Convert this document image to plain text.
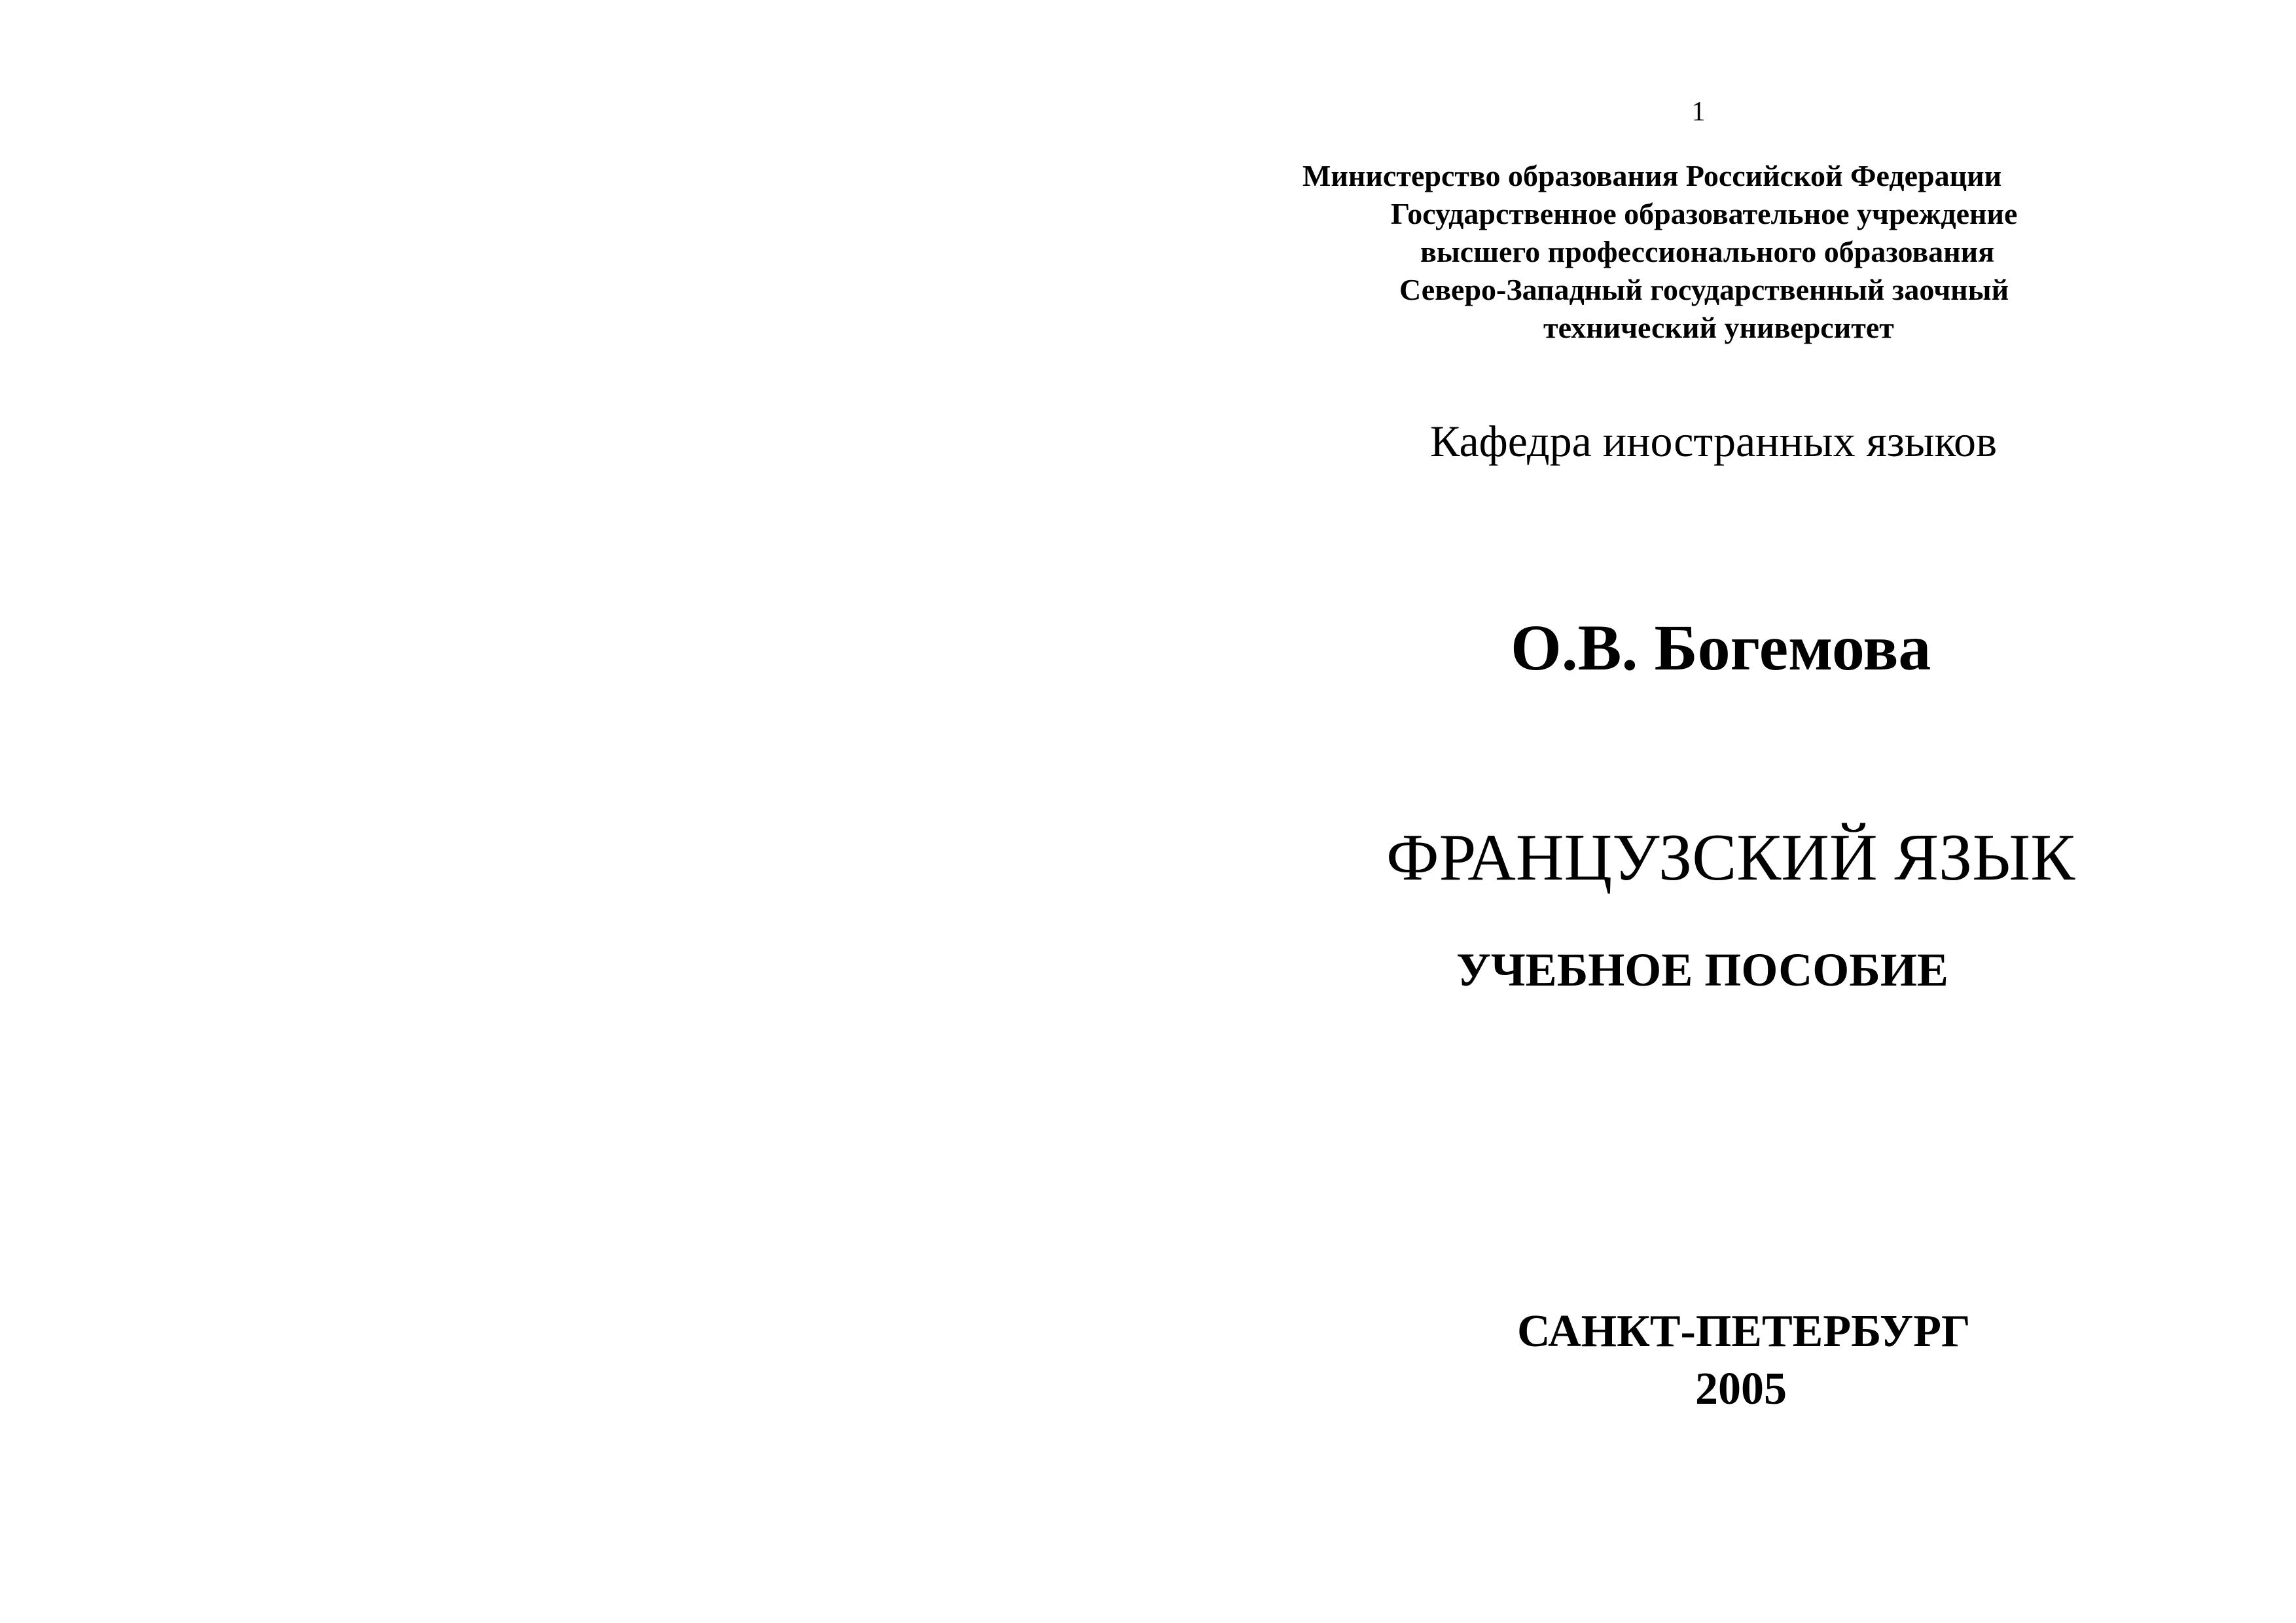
1
Министерство образования Российской Федерации
Государственное образовательное учреждение
высшего профессионального образования
Северо-Западный государственный заочный
технический университет
Кафедра иностранных языков
О.В. Богемова
ФРАНЦУЗСКИЙ ЯЗЫК
УЧЕБНОЕ ПОСОБИЕ
САНКТ-ПЕТЕРБУРГ
2005
